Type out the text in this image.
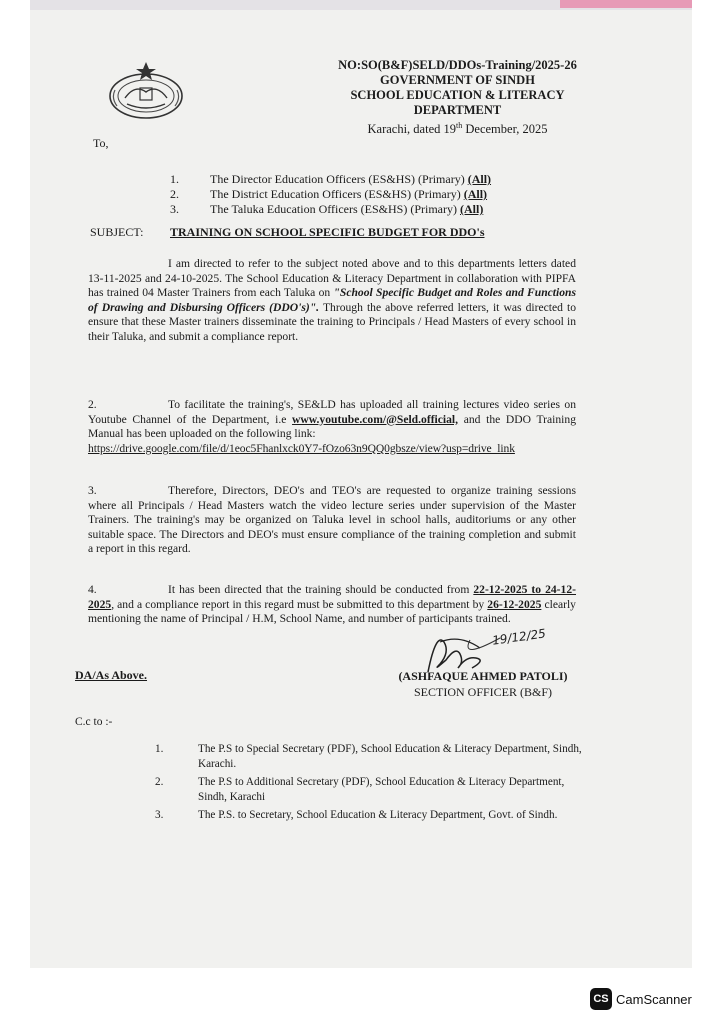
NO:SO(B&F)SELD/DDOs-Training/2025-26
GOVERNMENT OF SINDH
SCHOOL EDUCATION & LITERACY DEPARTMENT
Karachi, dated 19th December, 2025
To,
1.	The Director Education Officers (ES&HS) (Primary) (All)
2.	The District Education Officers (ES&HS) (Primary) (All)
3.	The Taluka Education Officers (ES&HS) (Primary) (All)
SUBJECT: TRAINING ON SCHOOL SPECIFIC BUDGET FOR DDO's
I am directed to refer to the subject noted above and to this departments letters dated 13-11-2025 and 24-10-2025. The School Education & Literacy Department in collaboration with PIPFA has trained 04 Master Trainers from each Taluka on "School Specific Budget and Roles and Functions of Drawing and Disbursing Officers (DDO's)". Through the above referred letters, it was directed to ensure that these Master trainers disseminate the training to Principals / Head Masters of every school in their Taluka, and submit a compliance report.
2.	To facilitate the training's, SE&LD has uploaded all training lectures video series on Youtube Channel of the Department, i.e www.youtube.com/@Seld.official, and the DDO Training Manual has been uploaded on the following link:
https://drive.google.com/file/d/1eoc5Fhanlxck0Y7-fOzo63n9QQ0gbsze/view?usp=drive_link
3.	Therefore, Directors, DEO's and TEO's are requested to organize training sessions where all Principals / Head Masters watch the video lecture series under supervision of the Master Trainers. The training's may be organized on Taluka level in school halls, auditoriums or any other suitable space. The Directors and DEO's must ensure compliance of the training completion and submit a report in this regard.
4.	It has been directed that the training should be conducted from 22-12-2025 to 24-12-2025, and a compliance report in this regard must be submitted to this department by 26-12-2025 clearly mentioning the name of Principal / H.M, School Name, and number of participants trained.
19/12/25
DA/As Above.	(ASHFAQUE AHMED PATOLI)
SECTION OFFICER (B&F)
C.c to :-
1.	The P.S to Special Secretary (PDF), School Education & Literacy Department, Sindh, Karachi.
2.	The P.S to Additional Secretary (PDF), School Education & Literacy Department, Sindh, Karachi
3.	The P.S. to Secretary, School Education & Literacy Department, Govt. of Sindh.
CS CamScanner
